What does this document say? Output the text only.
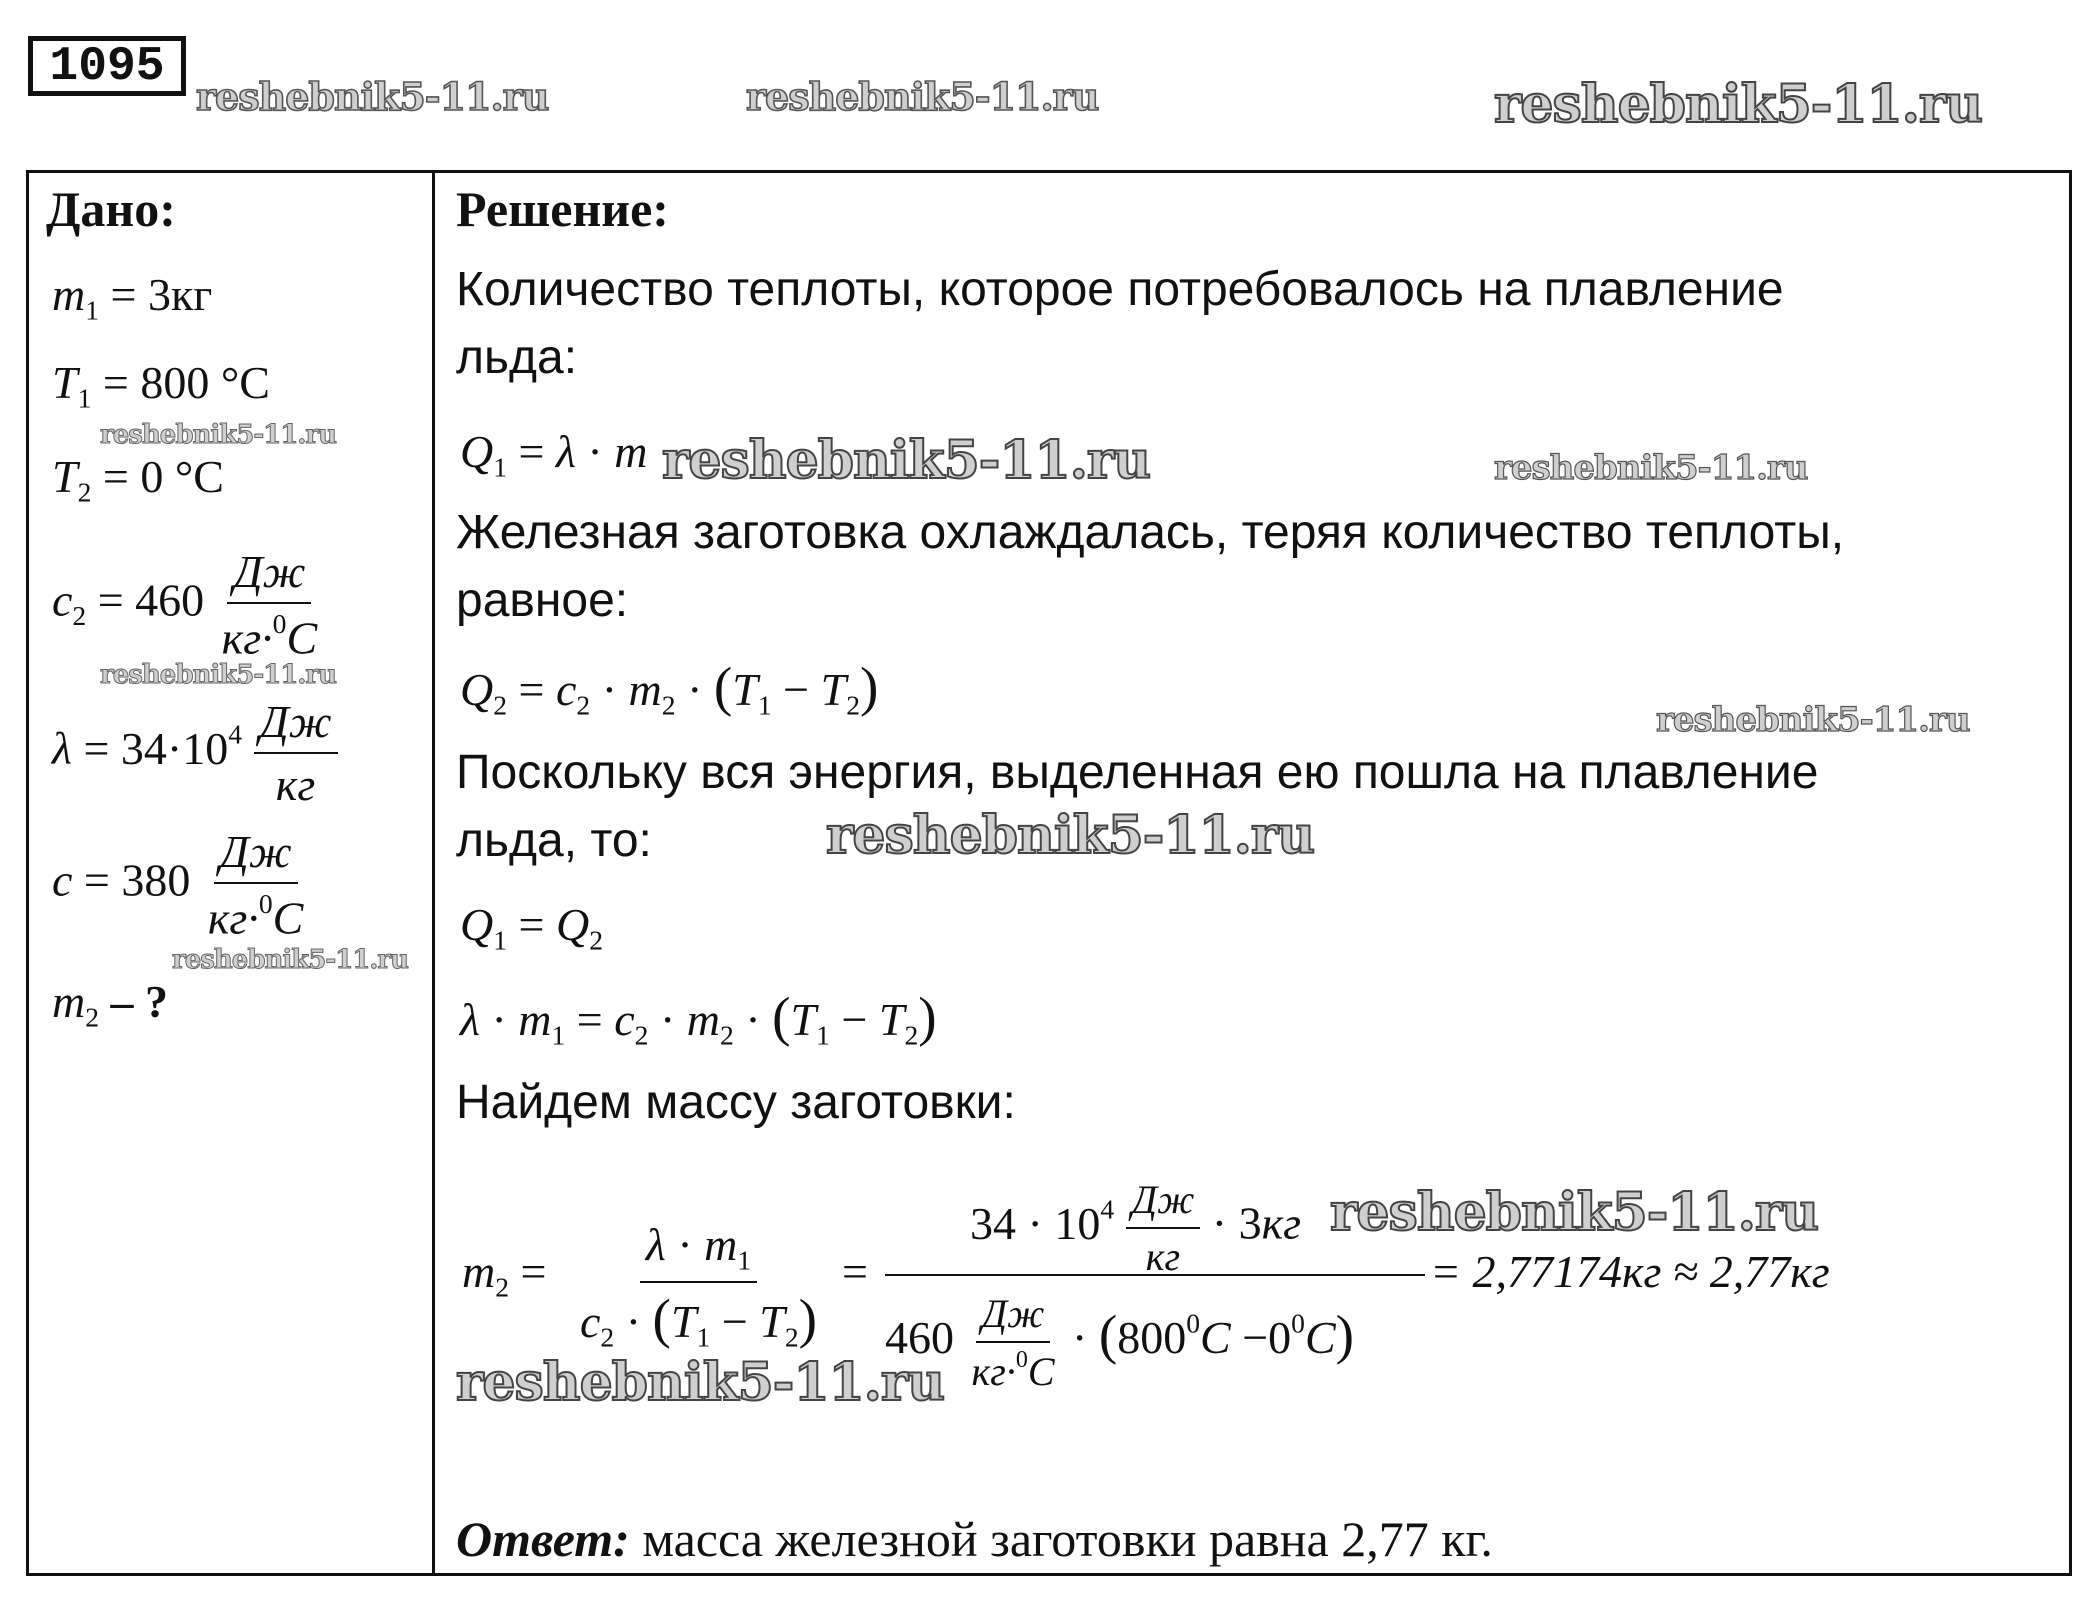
1095
reshebnik5-11.ru	reshebnik5-11.ru	reshebnik5-11.ru
Дано:
$m_1 = 3кг$
$T_1 = 800$ °C
reshebnik5-11.ru
$T_2 = 0$ °C
$c_2 = 460 \frac{Дж}{кг\cdot^0C}$
reshebnik5-11.ru
$\lambda = 34\cdot 10^4 \frac{Дж}{кг}$
$c = 380 \frac{Дж}{кг\cdot^0C}$
reshebnik5-11.ru
$m_2$ – ?
Решение:
Количество теплоты, которое потребовалось на плавление
льда:
$Q_1 = \lambda \cdot m$ reshebnik5-11.ru	reshebnik5-11.ru
Железная заготовка охлаждалась, теряя количество теплоты,
равное:
$Q_2 = c_2 \cdot m_2 \cdot (T_1 - T_2)$
reshebnik5-11.ru
Поскольку вся энергия, выделенная ею пошла на плавление
льда, то:	reshebnik5-11.ru
$Q_1 = Q_2$
$\lambda \cdot m_1 = c_2 \cdot m_2 \cdot (T_1 - T_2)$
Найдем массу заготовки:
$m_2 = \frac{\lambda \cdot m_1}{c_2 \cdot (T_1 - T_2)}$ =
$34 \cdot 10^4 \frac{Дж}{кг} \cdot 3кг$ reshebnik5-11.ru
$460 \frac{Дж}{кг\cdot^0C} \cdot (800^0C -0^0C)$
= 2,77174кг ≈ 2,77кг
reshebnik5-11.ru
Ответ: масса железной заготовки равна 2,77 кг.
